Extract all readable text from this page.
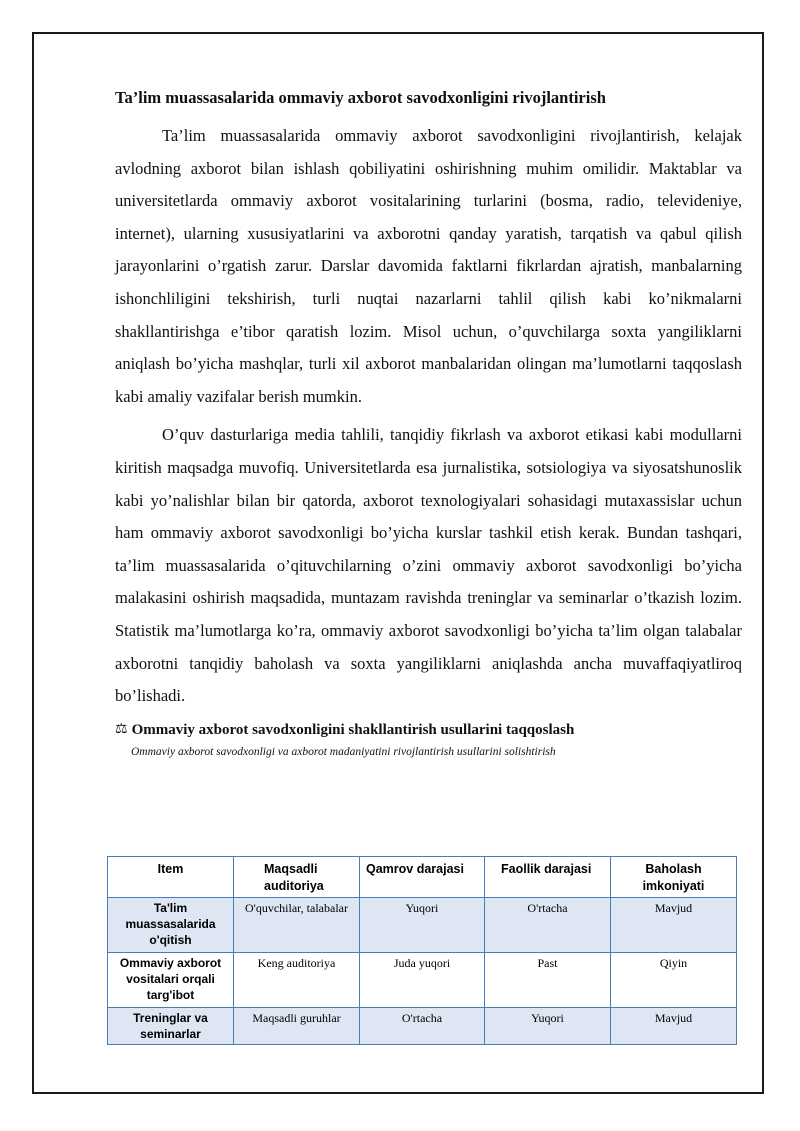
Ta’lim muassasalarida ommaviy axborot savodxonligini rivojlantirish

Ta’lim muassasalarida ommaviy axborot savodxonligini rivojlantirish, kelajak avlodning axborot bilan ishlash qobiliyatini oshirishning muhim omilidir. Maktablar va universitetlarda ommaviy axborot vositalarining turlarini (bosma, radio, televideniye, internet), ularning xususiyatlarini va axborotni qanday yaratish, tarqatish va qabul qilish jarayonlarini o’rgatish zarur. Darslar davomida faktlarni fikrlardan ajratish, manbalarning ishonchliligini tekshirish, turli nuqtai nazarlarni tahlil qilish kabi ko’nikmalarni shakllantirishga e’tibor qaratish lozim. Misol uchun, o’quvchilarga soxta yangiliklarni aniqlash bo’yicha mashqlar, turli xil axborot manbalaridan olingan ma’lumotlarni taqqoslash kabi amaliy vazifalar berish mumkin.

O’quv dasturlariga media tahlili, tanqidiy fikrlash va axborot etikasi kabi modullarni kiritish maqsadga muvofiq. Universitetlarda esa jurnalistika, sotsiologiya va siyosatshunoslik kabi yo’nalishlar bilan bir qatorda, axborot texnologiyalari sohasidagi mutaxassislar uchun ham ommaviy axborot savodxonligi bo’yicha kurslar tashkil etish kerak. Bundan tashqari, ta’lim muassasalarida o’qituvchilarning o’zini ommaviy axborot savodxonligi bo’yicha malakasini oshirish maqsadida, muntazam ravishda treninglar va seminarlar o’tkazish lozim. Statistik ma’lumotlarga ko’ra, ommaviy axborot savodxonligi bo’yicha ta’lim olgan talabalar axborotni tanqidiy baholash va soxta yangiliklarni aniqlashda ancha muvaffaqiyatliroq bo’lishadi.

⚖ Ommaviy axborot savodxonligini shakllantirish usullarini taqqoslash
Ommaviy axborot savodxonligi va axborot madaniyatini rivojlantirish usullarini solishtirish
Item	Maqsadli auditoriya	Qamrov darajasi	Faollik darajasi	Baholash imkoniyati
Ta'lim muassasalarida o'qitish	O'quvchilar, talabalar	Yuqori	O'rtacha	Mavjud
Ommaviy axborot vositalari orqali targ'ibot	Keng auditoriya	Juda yuqori	Past	Qiyin
Treninglar va seminarlar	Maqsadli guruhlar	O'rtacha	Yuqori	Mavjud
